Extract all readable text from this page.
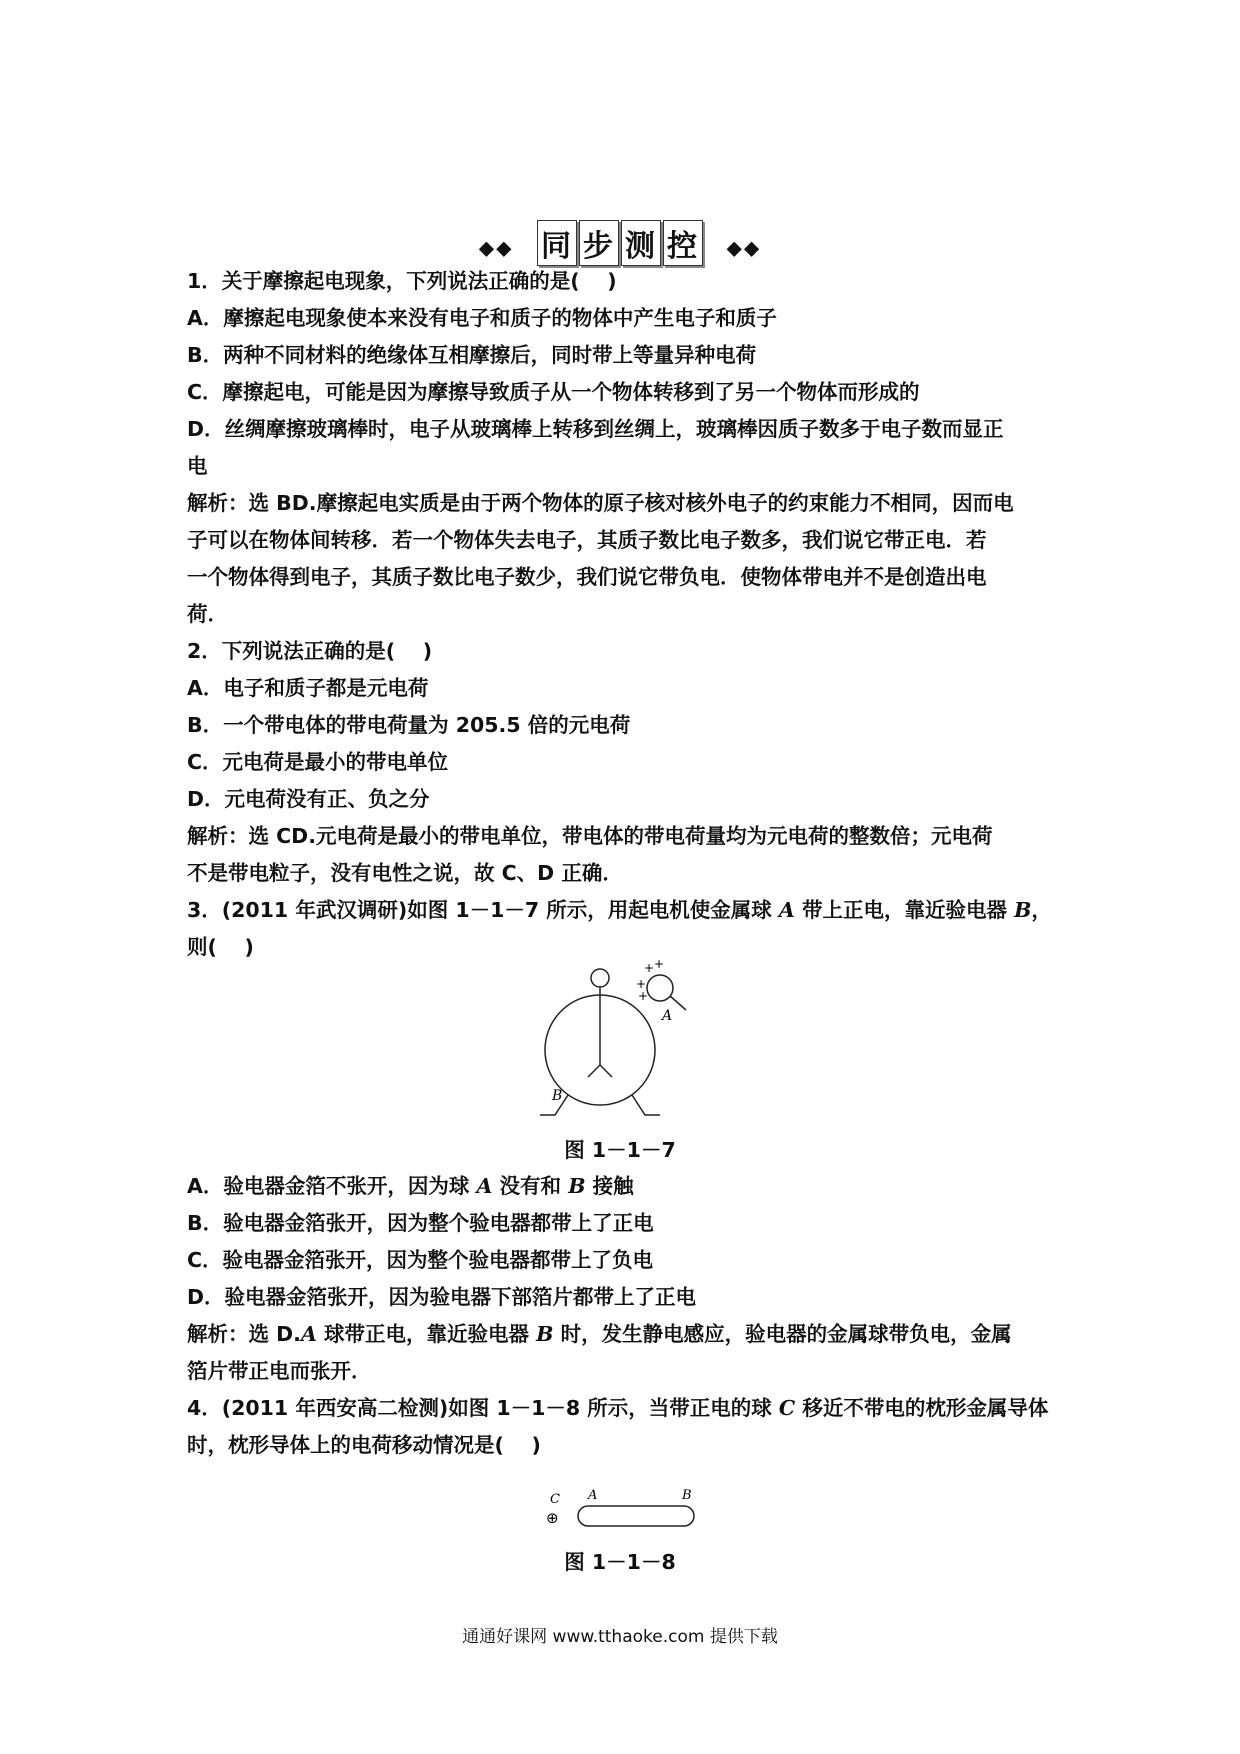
◆◆ 同 步 测 控 ◆◆
1．关于摩擦起电现象，下列说法正确的是(　 )
A．摩擦起电现象使本来没有电子和质子的物体中产生电子和质子
B．两种不同材料的绝缘体互相摩擦后，同时带上等量异种电荷
C．摩擦起电，可能是因为摩擦导致质子从一个物体转移到了另一个物体而形成的
D．丝绸摩擦玻璃棒时，电子从玻璃棒上转移到丝绸上，玻璃棒因质子数多于电子数而显正
电
解析：选 BD.摩擦起电实质是由于两个物体的原子核对核外电子的约束能力不相同，因而电
子可以在物体间转移．若一个物体失去电子，其质子数比电子数多，我们说它带正电．若
一个物体得到电子，其质子数比电子数少，我们说它带负电．使物体带电并不是创造出电
荷．
2．下列说法正确的是(　 )
A．电子和质子都是元电荷
B．一个带电体的带电荷量为 205.5 倍的元电荷
C．元电荷是最小的带电单位
D．元电荷没有正、负之分
解析：选 CD.元电荷是最小的带电单位，带电体的带电荷量均为元电荷的整数倍；元电荷
不是带电粒子，没有电性之说，故 C、D 正确．
3．(2011 年武汉调研)如图 1－1－7 所示，用起电机使金属球 A 带上正电，靠近验电器 B，
则(　 )
+ +
+
+
A
B
图 1－1－7
A．验电器金箔不张开，因为球 A 没有和 B 接触
B．验电器金箔张开，因为整个验电器都带上了正电
C．验电器金箔张开，因为整个验电器都带上了负电
D．验电器金箔张开，因为验电器下部箔片都带上了正电
解析：选 D.A 球带正电，靠近验电器 B 时，发生静电感应，验电器的金属球带负电，金属
箔片带正电而张开．
4．(2011 年西安高二检测)如图 1－1－8 所示，当带正电的球 C 移近不带电的枕形金属导体
时，枕形导体上的电荷移动情况是(　 )
C A	B
⊕
图 1－1－8
通通好课网 www.tthaoke.com 提供下载
